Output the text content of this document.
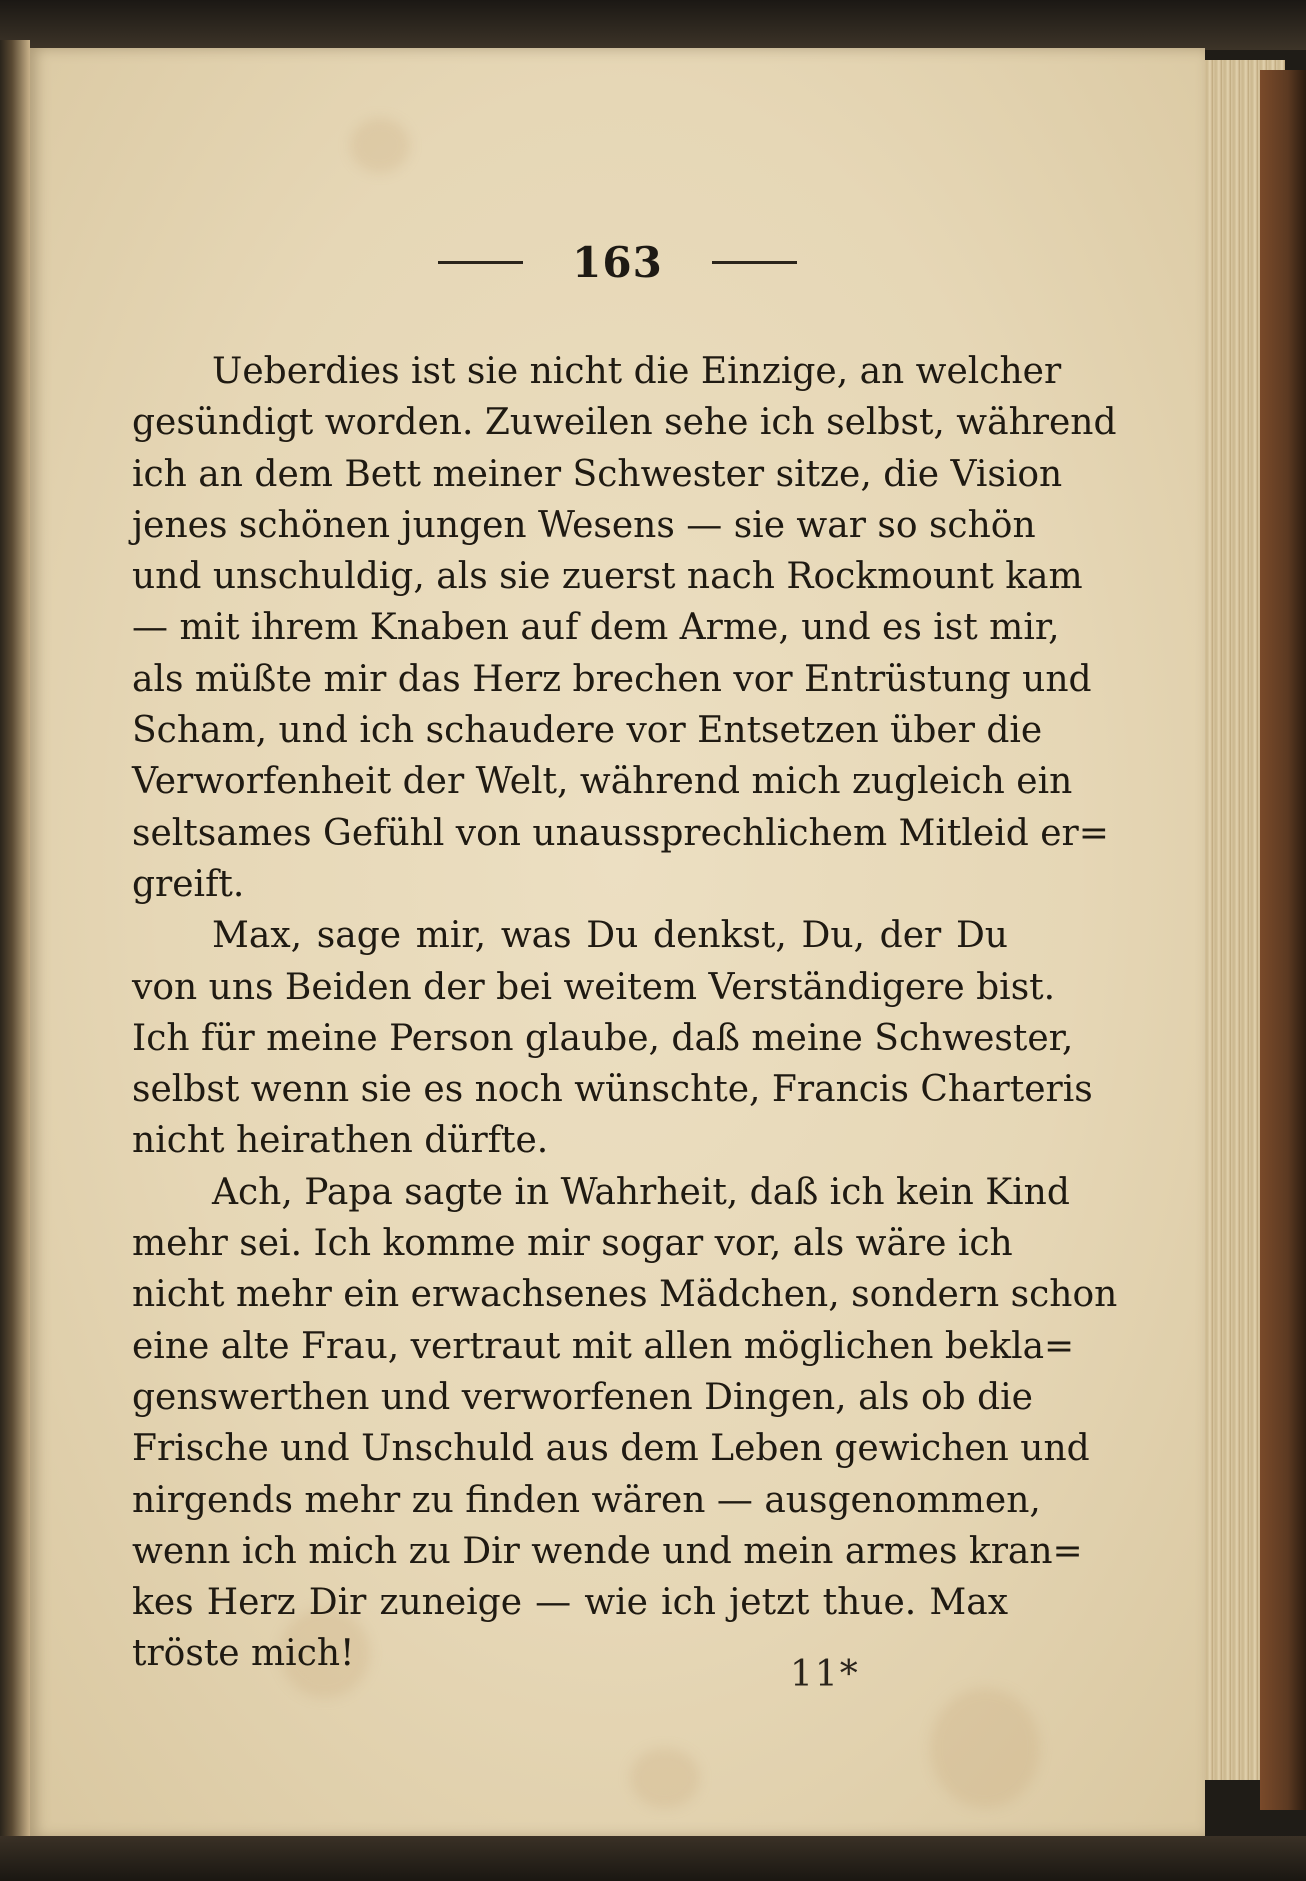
163
Ueberdies ist sie nicht die Einzige, an welcher
gesündigt worden. Zuweilen sehe ich selbst, während
ich an dem Bett meiner Schwester sitze, die Vision
jenes schönen jungen Wesens — sie war so schön
und unschuldig, als sie zuerst nach Rockmount kam
— mit ihrem Knaben auf dem Arme, und es ist mir,
als müßte mir das Herz brechen vor Entrüstung und
Scham, und ich schaudere vor Entsetzen über die
Verworfenheit der Welt, während mich zugleich ein
seltsames Gefühl von unaussprechlichem Mitleid er=
greift.
Max, sage mir, was Du denkst, Du, der Du
von uns Beiden der bei weitem Verständigere bist.
Ich für meine Person glaube, daß meine Schwester,
selbst wenn sie es noch wünschte, Francis Charteris
nicht heirathen dürfte.
Ach, Papa sagte in Wahrheit, daß ich kein Kind
mehr sei. Ich komme mir sogar vor, als wäre ich
nicht mehr ein erwachsenes Mädchen, sondern schon
eine alte Frau, vertraut mit allen möglichen bekla=
genswerthen und verworfenen Dingen, als ob die
Frische und Unschuld aus dem Leben gewichen und
nirgends mehr zu finden wären — ausgenommen,
wenn ich mich zu Dir wende und mein armes kran=
kes Herz Dir zuneige — wie ich jetzt thue. Max
tröste mich!
11*
